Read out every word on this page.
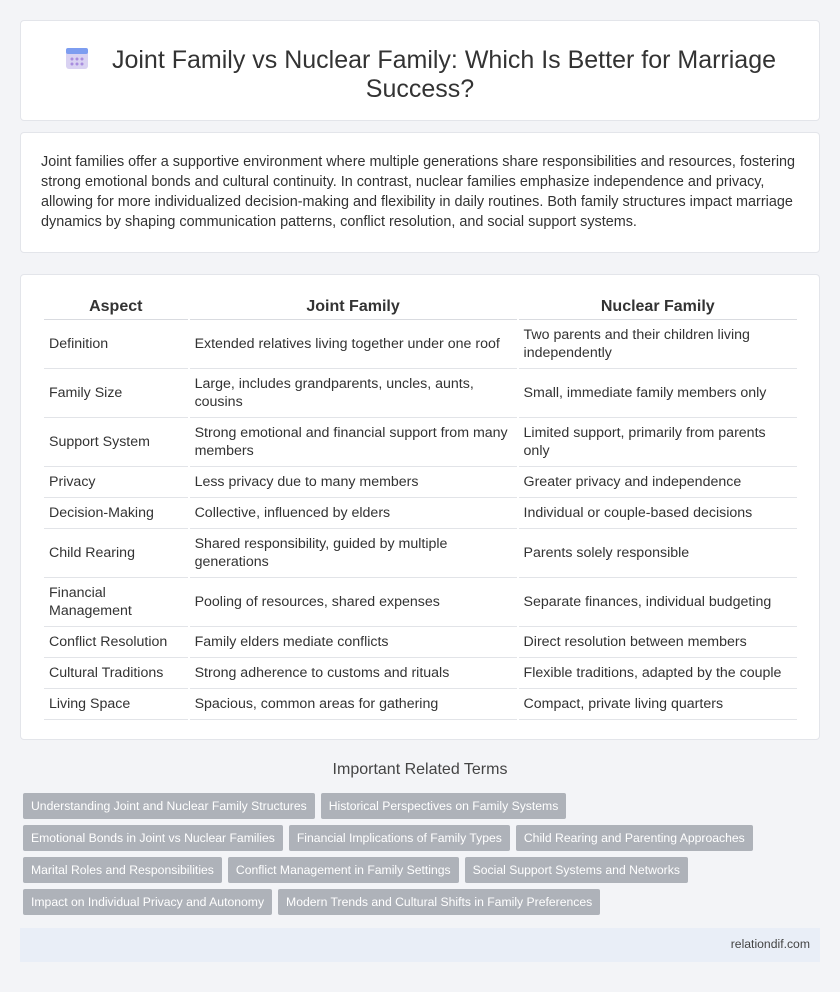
Joint Family vs Nuclear Family: Which Is Better for Marriage Success?

Joint families offer a supportive environment where multiple generations share responsibilities and resources, fostering strong emotional bonds and cultural continuity. In contrast, nuclear families emphasize independence and privacy, allowing for more individualized decision-making and flexibility in daily routines. Both family structures impact marriage dynamics by shaping communication patterns, conflict resolution, and social support systems.

Aspect	Joint Family	Nuclear Family
Definition	Extended relatives living together under one roof	Two parents and their children living independently
Family Size	Large, includes grandparents, uncles, aunts, cousins	Small, immediate family members only
Support System	Strong emotional and financial support from many members	Limited support, primarily from parents only
Privacy	Less privacy due to many members	Greater privacy and independence
Decision-Making	Collective, influenced by elders	Individual or couple-based decisions
Child Rearing	Shared responsibility, guided by multiple generations	Parents solely responsible
Financial Management	Pooling of resources, shared expenses	Separate finances, individual budgeting
Conflict Resolution	Family elders mediate conflicts	Direct resolution between members
Cultural Traditions	Strong adherence to customs and rituals	Flexible traditions, adapted by the couple
Living Space	Spacious, common areas for gathering	Compact, private living quarters
Important Related Terms
Understanding Joint and Nuclear Family Structures Historical Perspectives on Family Systems
Emotional Bonds in Joint vs Nuclear Families Financial Implications of Family Types Child Rearing and Parenting Approaches
Marital Roles and Responsibilities Conflict Management in Family Settings Social Support Systems and Networks
Impact on Individual Privacy and Autonomy Modern Trends and Cultural Shifts in Family Preferences
relationdif.com
